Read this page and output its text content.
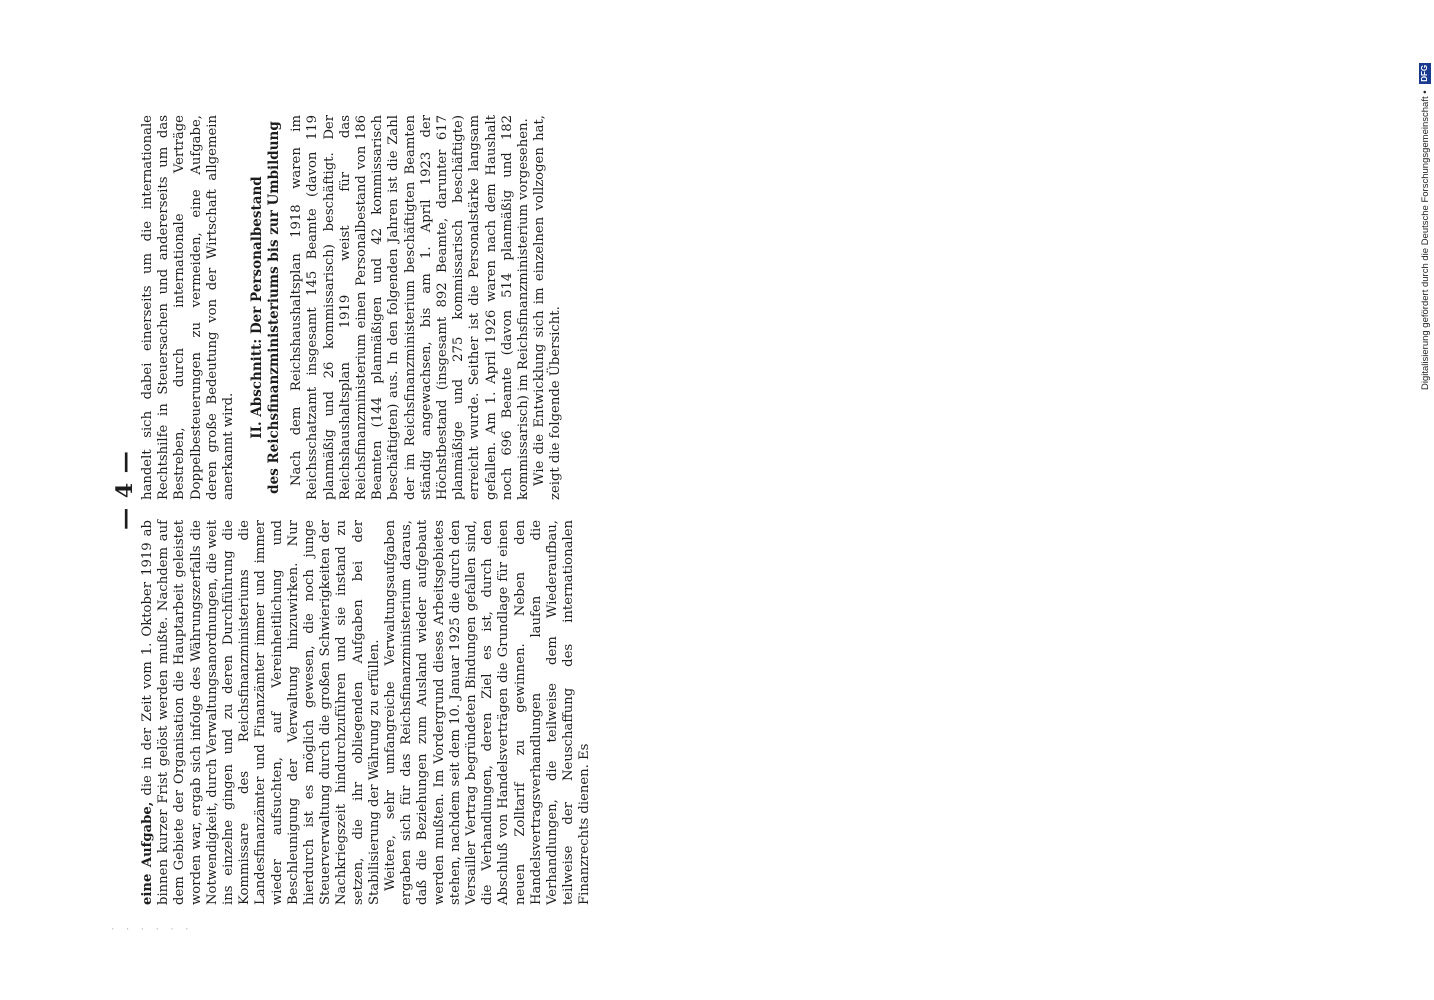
— 4 —

eine Aufgabe, die in der Zeit vom 1. Oktober 1919 ab binnen kurzer Frist gelöst werden mußte. Nachdem auf dem Gebiete der Organisation die Hauptarbeit geleistet worden war, ergab sich infolge des Währungszerfalls die Notwendigkeit, durch Verwaltungsanordnungen, die weit ins einzelne gingen und zu deren Durchführung die Kommissare des Reichsfinanzministeriums die Landesfinanzämter und Finanzämter immer und immer wieder aufsuchten, auf Vereinheitlichung und Beschleunigung der Verwaltung hinzuwirken. Nur hierdurch ist es möglich gewesen, die noch junge Steuerverwaltung durch die großen Schwierigkeiten der Nachkriegszeit hindurchzuführen und sie instand zu setzen, die ihr obliegenden Aufgaben bei der Stabilisierung der Währung zu erfüllen. Weitere, sehr umfangreiche Verwaltungsaufgaben ergaben sich für das Reichsfinanzministerium daraus, daß die Beziehungen zum Ausland wieder aufgebaut werden mußten. Im Vordergrund dieses Arbeitsgebietes stehen, nachdem seit dem 10. Januar 1925 die durch den Versailler Vertrag begründeten Bindungen gefallen sind, die Verhandlungen, deren Ziel es ist, durch den Abschluß von Handelsverträgen die Grundlage für einen neuen Zolltarif zu gewinnen. Neben den Handelsvertragsverhandlungen laufen die Verhandlungen, die teilweise dem Wiederaufbau, teilweise der Neuschaffung des internationalen Finanzrechts dienen. Es

handelt sich dabei einerseits um die internationale Rechtshilfe in Steuersachen und andererseits um das Bestreben, durch internationale Verträge Doppelbesteuerungen zu vermeiden, eine Aufgabe, deren große Bedeutung von der Wirtschaft allgemein anerkannt wird.

II. Abschnitt: Der Personalbestand des Reichsfinanzministeriums bis zur Umbildung Nach dem Reichshaushaltsplan 1918 waren im Reichsschatzamt insgesamt 145 Beamte (davon 119 planmäßig und 26 kommissarisch) beschäftigt. Der Reichshaushaltsplan 1919 weist für das Reichsfinanzministerium einen Personalbestand von 186 Beamten (144 planmäßigen und 42 kommissarisch beschäftigten) aus. In den folgenden Jahren ist die Zahl der im Reichsfinanzministerium beschäftigten Beamten ständig angewachsen, bis am 1. April 1923 der Höchstbestand (insgesamt 892 Beamte, darunter 617 planmäßige und 275 kommissarisch beschäftigte) erreicht wurde. Seither ist die Personalstärke langsam gefallen. Am 1. April 1926 waren nach dem Haushalt noch 696 Beamte (davon 514 planmäßig und 182 kommissarisch) im Reichsfinanzministerium vorgesehen. Wie die Entwicklung sich im einzelnen vollzogen hat, zeigt die folgende Übersicht.

· · · · · ·
Digitalisierung gefördert durch die Deutsche Forschungsgemeinschaft • DFG
